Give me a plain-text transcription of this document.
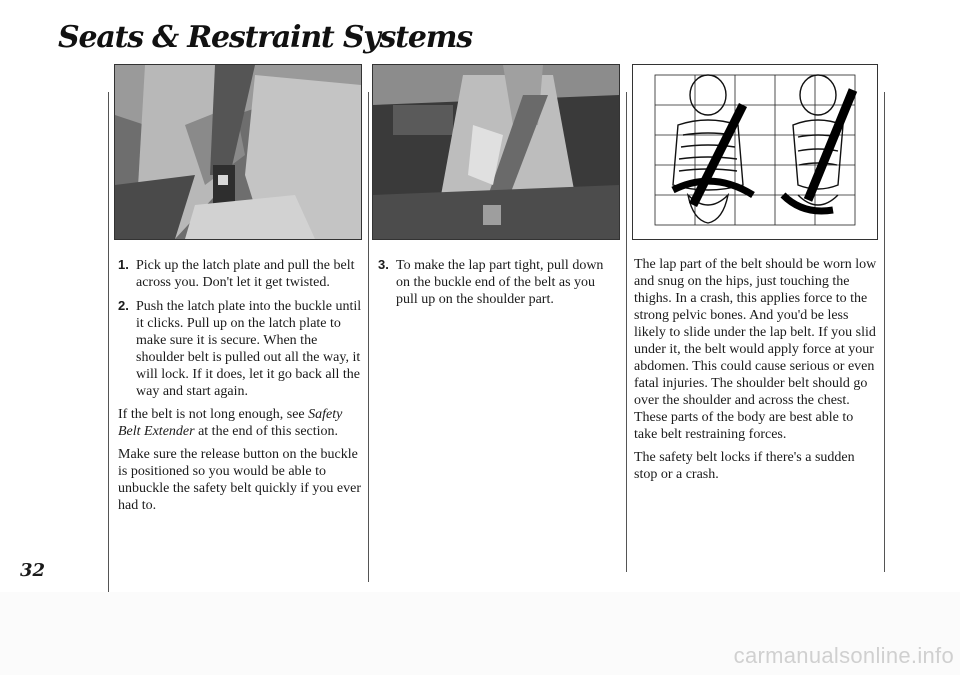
Seats & Restraint Systems

1. Pick up the latch plate and pull the belt across you. Don't let it get twisted.

2. Push the latch plate into the buckle until it clicks. Pull up on the latch plate to make sure it is secure. When the shoulder belt is pulled out all the way, it will lock. If it does, let it go back all the way and start again.

If the belt is not long enough, see Safety Belt Extender at the end of this section.

Make sure the release button on the buckle is positioned so you would be able to unbuckle the safety belt quickly if you ever had to.

3. To make the lap part tight, pull down on the buckle end of the belt as you pull up on the shoulder part.

The lap part of the belt should be worn low and snug on the hips, just touching the thighs. In a crash, this applies force to the strong pelvic bones. And you'd be less likely to slide under the lap belt. If you slid under it, the belt would apply force at your abdomen. This could cause serious or even fatal injuries. The shoulder belt should go over the shoulder and across the chest. These parts of the body are best able to take belt restraining forces.

The safety belt locks if there's a sudden stop or a crash.

32
carmanualsonline.info
